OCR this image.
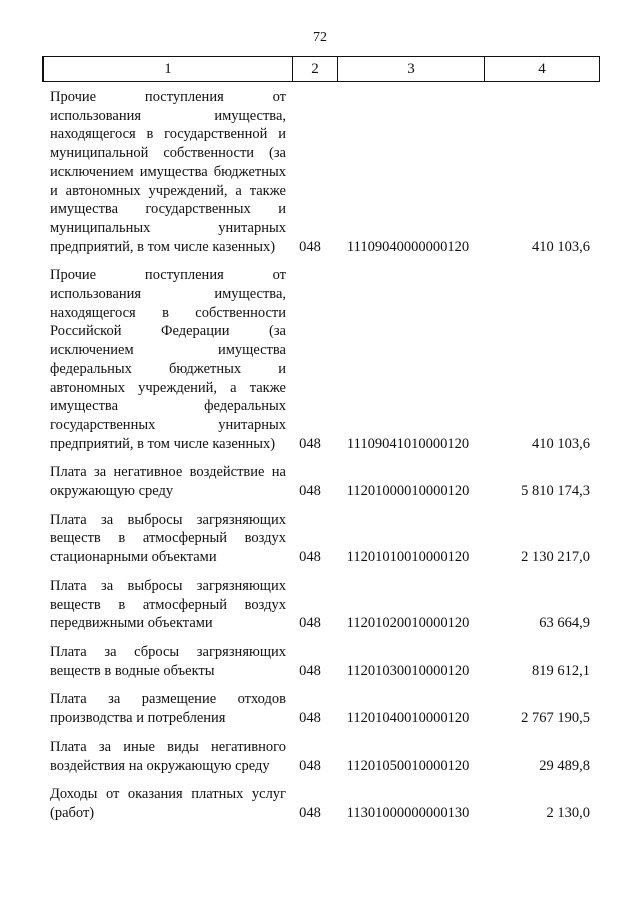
72
1	2	3	4
Прочие поступления от использования имущества, находящегося в государственной и муниципальной собственности (за исключением имущества бюджетных и автономных учреждений, а также имущества государственных и муниципальных унитарных предприятий, в том числе казенных)	048	11109040000000120	410 103,6
Прочие поступления от использования имущества, находящегося в собственности Российской Федерации (за исключением имущества федеральных бюджетных и автономных учреждений, а также имущества федеральных государственных унитарных предприятий, в том числе казенных)	048	11109041010000120	410 103,6
Плата за негативное воздействие на окружающую среду	048	11201000010000120	5 810 174,3
Плата за выбросы загрязняющих веществ в атмосферный воздух стационарными объектами	048	11201010010000120	2 130 217,0
Плата за выбросы загрязняющих веществ в атмосферный воздух передвижными объектами	048	11201020010000120	63 664,9
Плата за сбросы загрязняющих веществ в водные объекты	048	11201030010000120	819 612,1
Плата за размещение отходов производства и потребления	048	11201040010000120	2 767 190,5
Плата за иные виды негативного воздействия на окружающую среду	048	11201050010000120	29 489,8
Доходы от оказания платных услуг (работ)	048	11301000000000130	2 130,0
